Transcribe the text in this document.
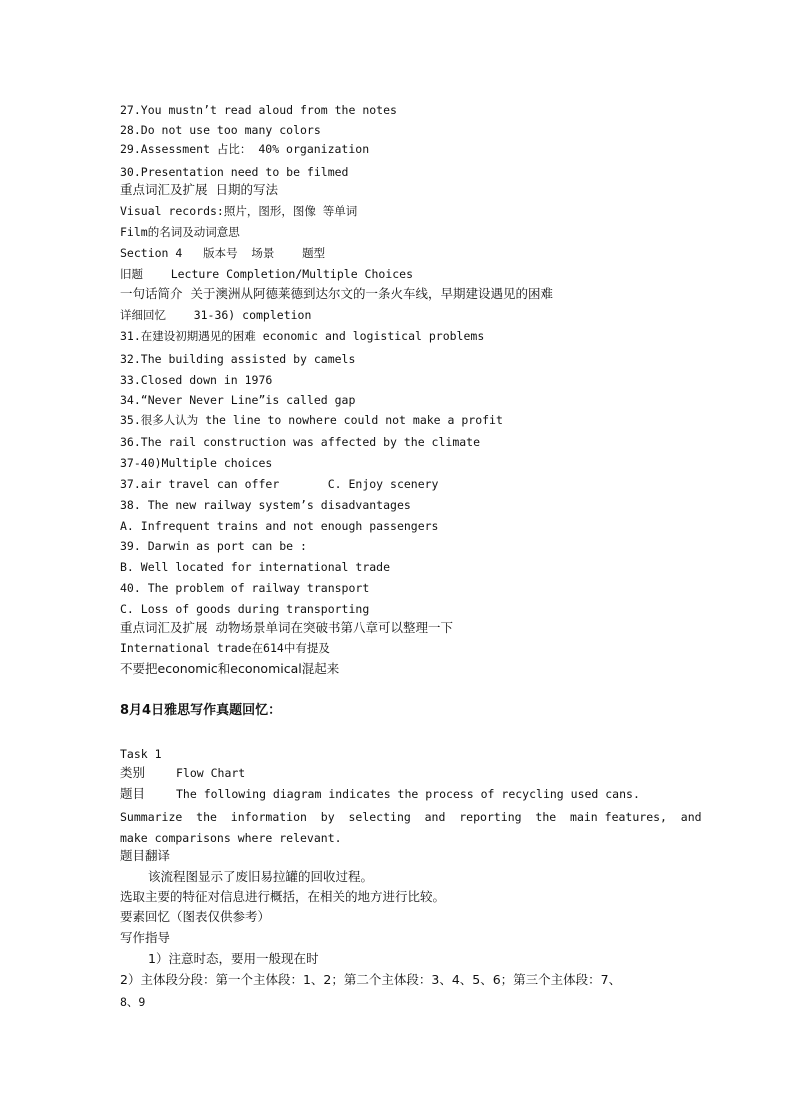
27.You mustn’t read aloud from the notes
28.Do not use too many colors
29.Assessment 占比： 40% organization
30.Presentation need to be filmed
重点词汇及扩展  日期的写法
Visual records:照片，图形，图像 等单词
Film的名词及动词意思
Section 4   版本号  场景    题型
旧题    Lecture Completion/Multiple Choices
一句话简介  关于澳洲从阿德莱德到达尔文的一条火车线，早期建设遇见的困难
详细回忆    31-36) completion
31.在建设初期遇见的困难 economic and logistical problems
32.The building assisted by camels
33.Closed down in 1976
34.“Never Never Line”is called gap
35.很多人认为 the line to nowhere could not make a profit
36.The rail construction was affected by the climate
37-40)Multiple choices
37.air travel can offer       C. Enjoy scenery
38. The new railway system’s disadvantages
A. Infrequent trains and not enough passengers
39. Darwin as port can be :
B. Well located for international trade
40. The problem of railway transport
C. Loss of goods during transporting
重点词汇及扩展  动物场景单词在突破书第八章可以整理一下
International trade在614中有提及
不要把economic和economical混起来
8月4日雅思写作真题回忆：
Task 1
类别	Flow Chart
题目	The following diagram indicates the process of recycling used cans.
Summarize  the  information  by  selecting  and  reporting  the  main features,  and
make comparisons where relevant.
题目翻译
该流程图显示了废旧易拉罐的回收过程。
选取主要的特征对信息进行概括，在相关的地方进行比较。
要素回忆（图表仅供参考）
写作指导
1）注意时态，要用一般现在时
2）主体段分段：第一个主体段：1、2；第二个主体段：3、4、5、6；第三个主体段：7、
8、9
